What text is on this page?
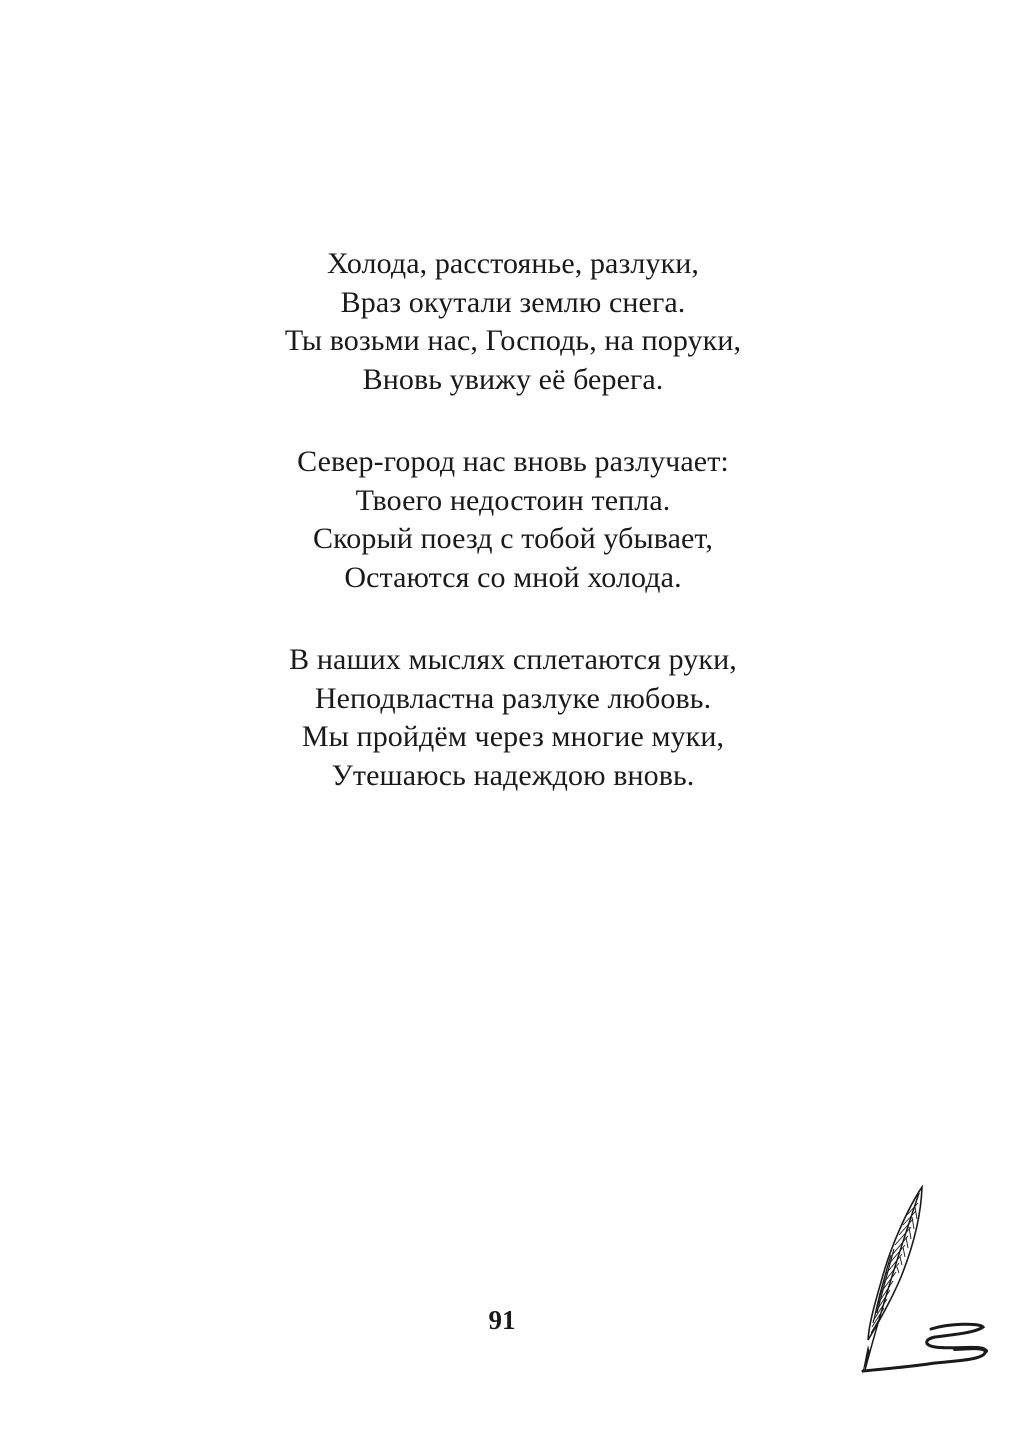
Холода, расстоянье, разлуки,
Враз окутали землю снега.
Ты возьми нас, Господь, на поруки,
Вновь увижу её берега.
Север-город нас вновь разлучает:
Твоего недостоин тепла.
Скорый поезд с тобой убывает,
Остаются со мной холода.
В наших мыслях сплетаются руки,
Неподвластна разлуке любовь.
Мы пройдём через многие муки,
Утешаюсь надеждою вновь.
91
